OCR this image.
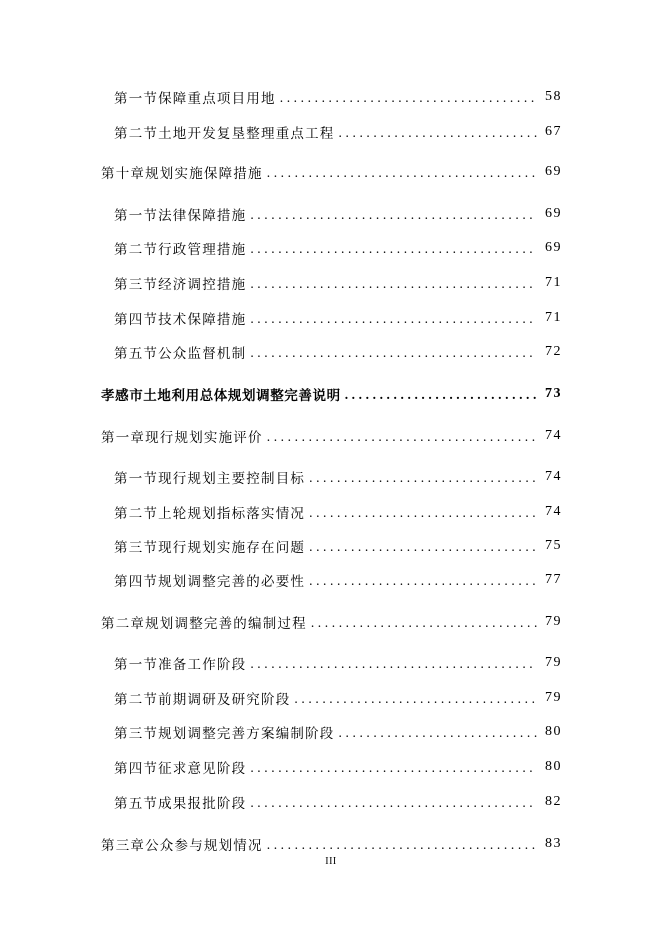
第一节 保障重点项目用地 .....	58
第二节 土地开发复垦整理重点工程 .....	67
第十章 规划实施保障措施 .....	69
第一节 法律保障措施 .....	69
第二节 行政管理措施 .....	69
第三节 经济调控措施 .....	71
第四节 技术保障措施 .....	71
第五节 公众监督机制 .....	72
孝感市土地利用总体规划调整完善说明 .....	73
第一章 现行规划实施评价 .....	74
第一节 现行规划主要控制目标 .....	74
第二节 上轮规划指标落实情况 .....	74
第三节 现行规划实施存在问题 .....	75
第四节 规划调整完善的必要性 .....	77
第二章 规划调整完善的编制过程 .....	79
第一节 准备工作阶段 .....	79
第二节 前期调研及研究阶段 .....	79
第三节 规划调整完善方案编制阶段 .....	80
第四节 征求意见阶段 .....	80
第五节 成果报批阶段 .....	82
第三章 公众参与规划情况 .....	83
III
